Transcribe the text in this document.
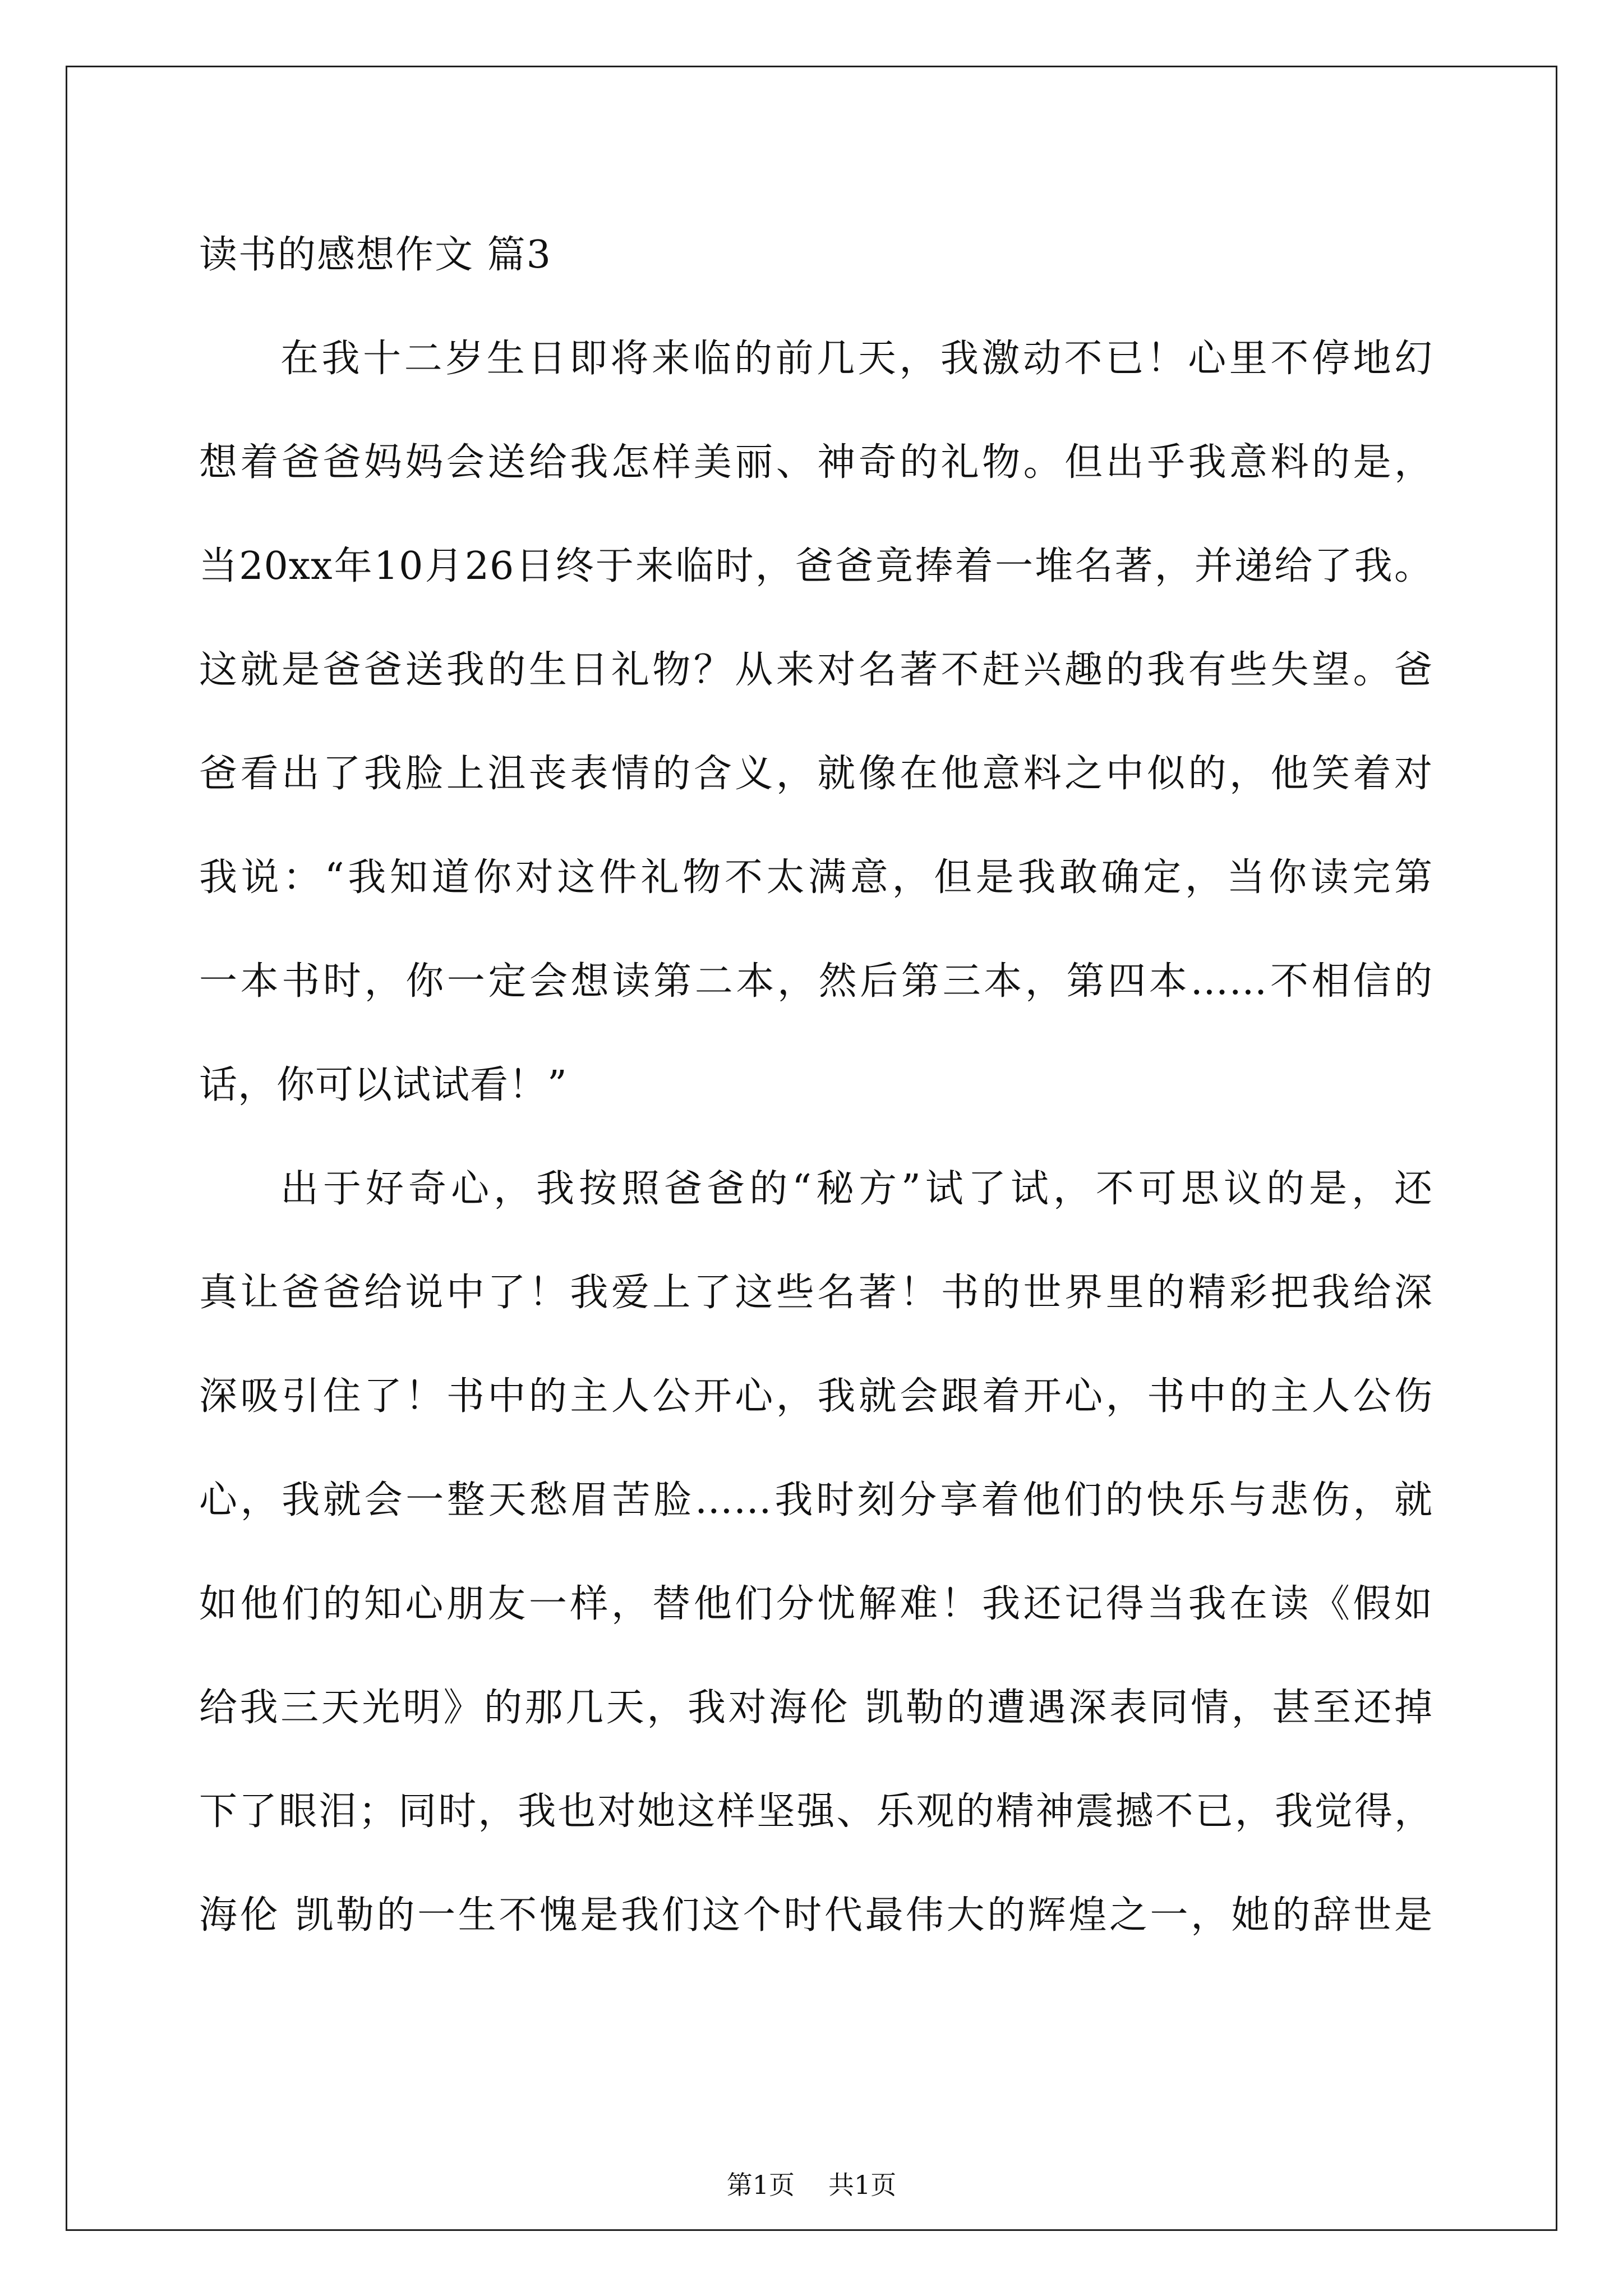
读书的感想作文 篇3
在我十二岁生日即将来临的前几天，我激动不已！心里不停地幻
想着爸爸妈妈会送给我怎样美丽、神奇的礼物。但出乎我意料的是，
当20xx年10月26日终于来临时，爸爸竟捧着一堆名著，并递给了我。
这就是爸爸送我的生日礼物？从来对名著不赶兴趣的我有些失望。爸
爸看出了我脸上沮丧表情的含义，就像在他意料之中似的，他笑着对
我说：“我知道你对这件礼物不太满意，但是我敢确定，当你读完第
一本书时，你一定会想读第二本，然后第三本，第四本……不相信的
话，你可以试试看！”
出于好奇心，我按照爸爸的“秘方”试了试，不可思议的是，还
真让爸爸给说中了！我爱上了这些名著！书的世界里的精彩把我给深
深吸引住了！书中的主人公开心，我就会跟着开心，书中的主人公伤
心，我就会一整天愁眉苦脸……我时刻分享着他们的快乐与悲伤，就
如他们的知心朋友一样，替他们分忧解难！我还记得当我在读《假如
给我三天光明》的那几天，我对海伦 凯勒的遭遇深表同情，甚至还掉
下了眼泪；同时，我也对她这样坚强、乐观的精神震撼不已，我觉得，
海伦 凯勒的一生不愧是我们这个时代最伟大的辉煌之一，她的辞世是
第1页 共1页
